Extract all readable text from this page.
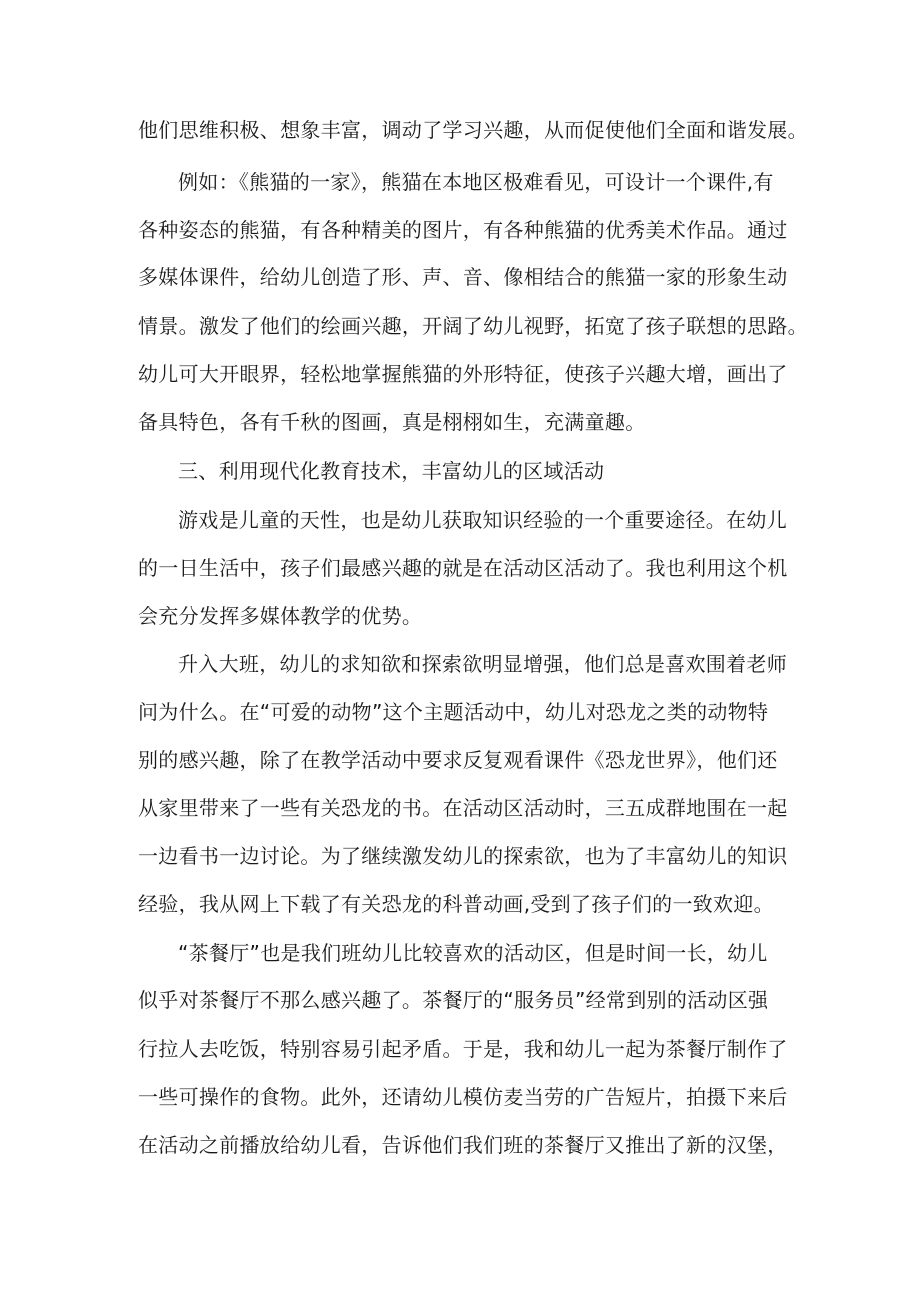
他们思维积极、想象丰富，调动了学习兴趣，从而促使他们全面和谐发展。
例如：《熊猫的一家》，熊猫在本地区极难看见，可设计一个课件,有
各种姿态的熊猫，有各种精美的图片，有各种熊猫的优秀美术作品。通过
多媒体课件，给幼儿创造了形、声、音、像相结合的熊猫一家的形象生动
情景。激发了他们的绘画兴趣，开阔了幼儿视野，拓宽了孩子联想的思路。
幼儿可大开眼界，轻松地掌握熊猫的外形特征，使孩子兴趣大增，画出了
备具特色，各有千秋的图画，真是栩栩如生，充满童趣。
三、利用现代化教育技术，丰富幼儿的区域活动
游戏是儿童的天性，也是幼儿获取知识经验的一个重要途径。在幼儿
的一日生活中，孩子们最感兴趣的就是在活动区活动了。我也利用这个机
会充分发挥多媒体教学的优势。
升入大班，幼儿的求知欲和探索欲明显增强，他们总是喜欢围着老师
问为什么。在“可爱的动物”这个主题活动中，幼儿对恐龙之类的动物特
别的感兴趣，除了在教学活动中要求反复观看课件《恐龙世界》，他们还
从家里带来了一些有关恐龙的书。在活动区活动时，三五成群地围在一起
一边看书一边讨论。为了继续激发幼儿的探索欲，也为了丰富幼儿的知识
经验，我从网上下载了有关恐龙的科普动画,受到了孩子们的一致欢迎。
“茶餐厅”也是我们班幼儿比较喜欢的活动区，但是时间一长，幼儿
似乎对茶餐厅不那么感兴趣了。茶餐厅的“服务员”经常到别的活动区强
行拉人去吃饭，特别容易引起矛盾。于是，我和幼儿一起为茶餐厅制作了
一些可操作的食物。此外，还请幼儿模仿麦当劳的广告短片，拍摄下来后
在活动之前播放给幼儿看，告诉他们我们班的茶餐厅又推出了新的汉堡，
